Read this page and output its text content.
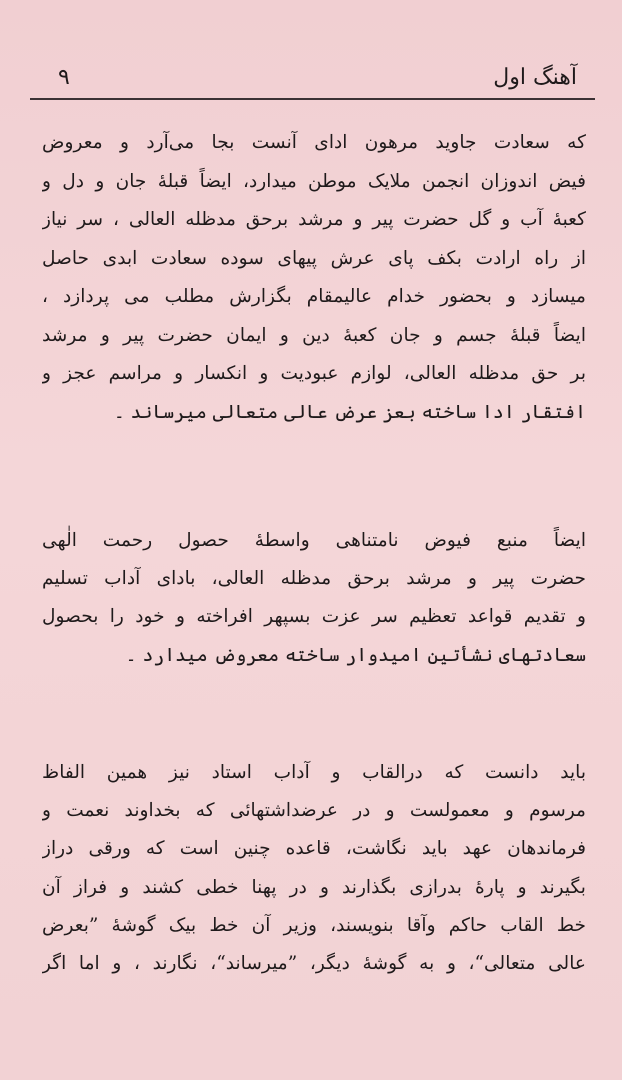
۹	آهنگ اول
که سعادت جاوید مرهون ادای آنست بجا می‌آرد و معروض
فیض اندوزان انجمن ملایک موطن میدارد، ایضاً قبلهٔ جان و دل و
کعبهٔ آب و گل حضرت پیر و مرشد برحق مدظله العالی ، سر نیاز
از راه ارادت بکف پای عرش پیهای سوده سعادت ابدی حاصل
میسازد و بحضور خدام عالیمقام بگزارش مطلب می پردازد ،
ایضاً قبلهٔ جسم و جان کعبهٔ دین و ایمان حضرت پیر و مرشد
بر حق مدظله العالی، لوازم عبودیت و انکسار و مراسم عجز و
افتقار ادا ساخته بعز عرض عالی متعالی میرساند ۔
ایضاً منبع فیوض نامتناهی واسطهٔ حصول رحمت الٰهی
حضرت پیر و مرشد برحق مدظله العالی، بادای آداب تسلیم
و تقدیم قواعد تعظیم سر عزت بسپهر افراخته و خود را بحصول
سعادتهای نشأتین امیدوار ساخته معروض میدارد ۔
باید دانست که درالقاب و آداب استاد نیز همین الفاظ
مرسوم و معمولست و در عرضداشتهائی که بخداوند نعمت و
فرماندهان عهد باید نگاشت، قاعده چنین است که ورقی دراز
بگیرند و پارهٔ بدرازی بگذارند و در پهنا خطی کشند و فراز آن
خط القاب حاکم وآقا بنویسند، وزیر آن خط بیک گوشهٔ ”بعرض
عالی متعالی“، و به گوشهٔ دیگر، ”میرساند“، نگارند ، و اما اگر
